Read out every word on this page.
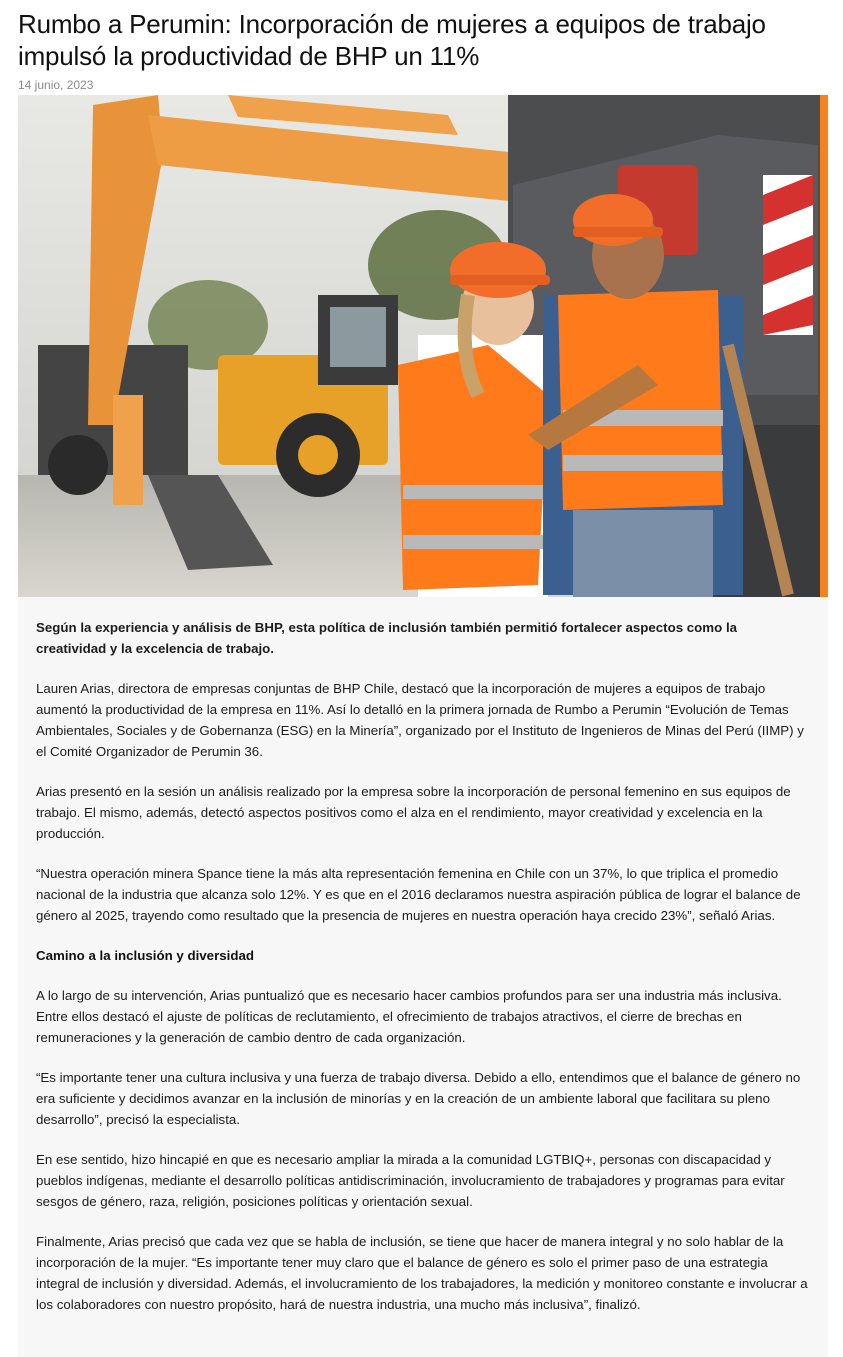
Rumbo a Perumin: Incorporación de mujeres a equipos de trabajo impulsó la productividad de BHP un 11%
14 junio, 2023

Según la experiencia y análisis de BHP, esta política de inclusión también permitió fortalecer aspectos como la creatividad y la excelencia de trabajo.

Lauren Arias, directora de empresas conjuntas de BHP Chile, destacó que la incorporación de mujeres a equipos de trabajo aumentó la productividad de la empresa en 11%. Así lo detalló en la primera jornada de Rumbo a Perumin “Evolución de Temas Ambientales, Sociales y de Gobernanza (ESG) en la Minería”, organizado por el Instituto de Ingenieros de Minas del Perú (IIMP) y el Comité Organizador de Perumin 36.

Arias presentó en la sesión un análisis realizado por la empresa sobre la incorporación de personal femenino en sus equipos de trabajo. El mismo, además, detectó aspectos positivos como el alza en el rendimiento, mayor creatividad y excelencia en la producción.

“Nuestra operación minera Spance tiene la más alta representación femenina en Chile con un 37%, lo que triplica el promedio nacional de la industria que alcanza solo 12%. Y es que en el 2016 declaramos nuestra aspiración pública de lograr el balance de género al 2025, trayendo como resultado que la presencia de mujeres en nuestra operación haya crecido 23%”, señaló Arias.

Camino a la inclusión y diversidad

A lo largo de su intervención, Arias puntualizó que es necesario hacer cambios profundos para ser una industria más inclusiva. Entre ellos destacó el ajuste de políticas de reclutamiento, el ofrecimiento de trabajos atractivos, el cierre de brechas en remuneraciones y la generación de cambio dentro de cada organización.

“Es importante tener una cultura inclusiva y una fuerza de trabajo diversa. Debido a ello, entendimos que el balance de género no era suficiente y decidimos avanzar en la inclusión de minorías y en la creación de un ambiente laboral que facilitara su pleno desarrollo”, precisó la especialista.

En ese sentido, hizo hincapié en que es necesario ampliar la mirada a la comunidad LGTBIQ+, personas con discapacidad y pueblos indígenas, mediante el desarrollo políticas antidiscriminación, involucramiento de trabajadores y programas para evitar sesgos de género, raza, religión, posiciones políticas y orientación sexual.

Finalmente, Arias precisó que cada vez que se habla de inclusión, se tiene que hacer de manera integral y no solo hablar de la incorporación de la mujer. “Es importante tener muy claro que el balance de género es solo el primer paso de una estrategia integral de inclusión y diversidad. Además, el involucramiento de los trabajadores, la medición y monitoreo constante e involucrar a los colaboradores con nuestro propósito, hará de nuestra industria, una mucho más inclusiva”, finalizó.
